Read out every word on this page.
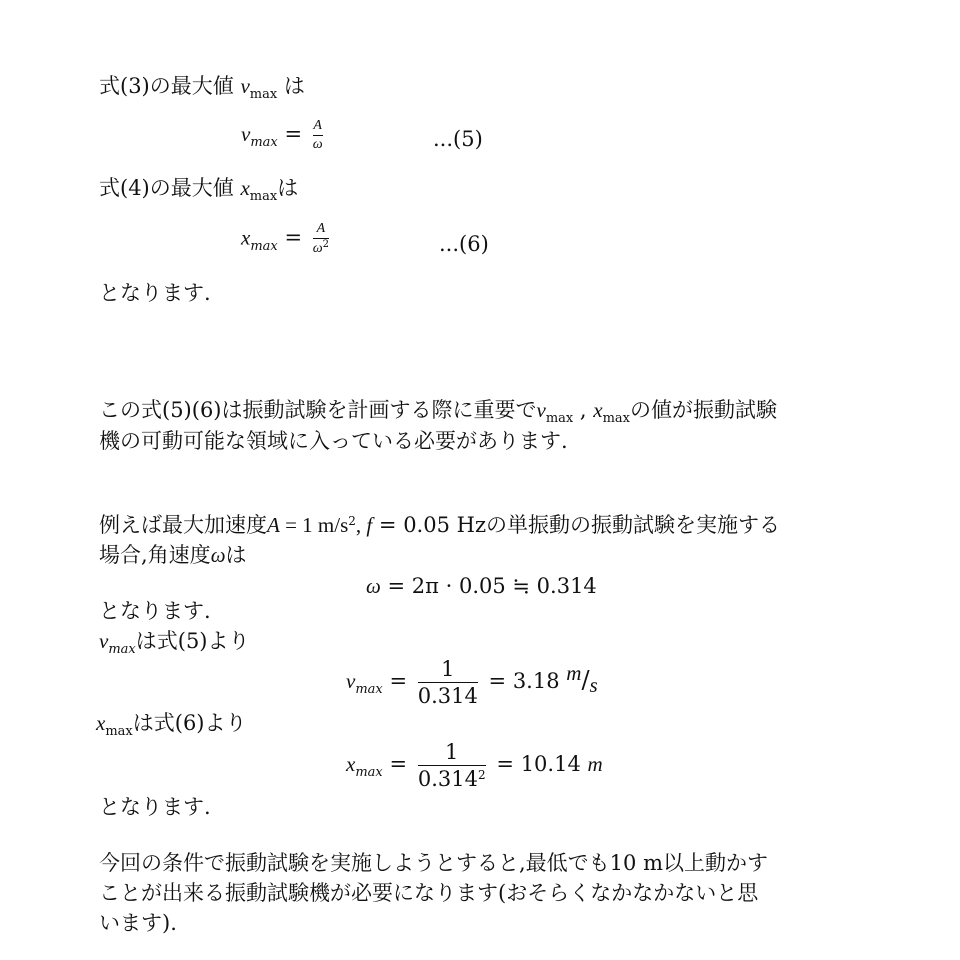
式(3)の最大値 $v_{max}$ は
$v_{max} = \frac{A}{\omega}$	...(5)
式(4)の最大値 $x_{max}$は
$x_{max} = \frac{A}{\omega^2}$	...(6)
となります.
この式(5)(6)は振動試験を計画する際に重要で$v_{max}$ , $x_{max}$の値が振動試験
機の可動可能な領域に入っている必要があります.
例えば最大加速度A = 1 $m/s^2$, f = 0.05 Hzの単振動の振動試験を実施する
場合,角速度ωは
ω = 2π · 0.05 ≒ 0.314
となります.
$v_{max}$は式(5)より
$v_{max} = \frac{1}{0.314} = 3.18$ m/s
$x_{max}$は式(6)より
$x_{max} = \frac{1}{0.314^2} = 10.14$ m
となります.
今回の条件で振動試験を実施しようとすると,最低でも10 m以上動かす
ことが出来る振動試験機が必要になります(おそらくなかなかないと思
います).
